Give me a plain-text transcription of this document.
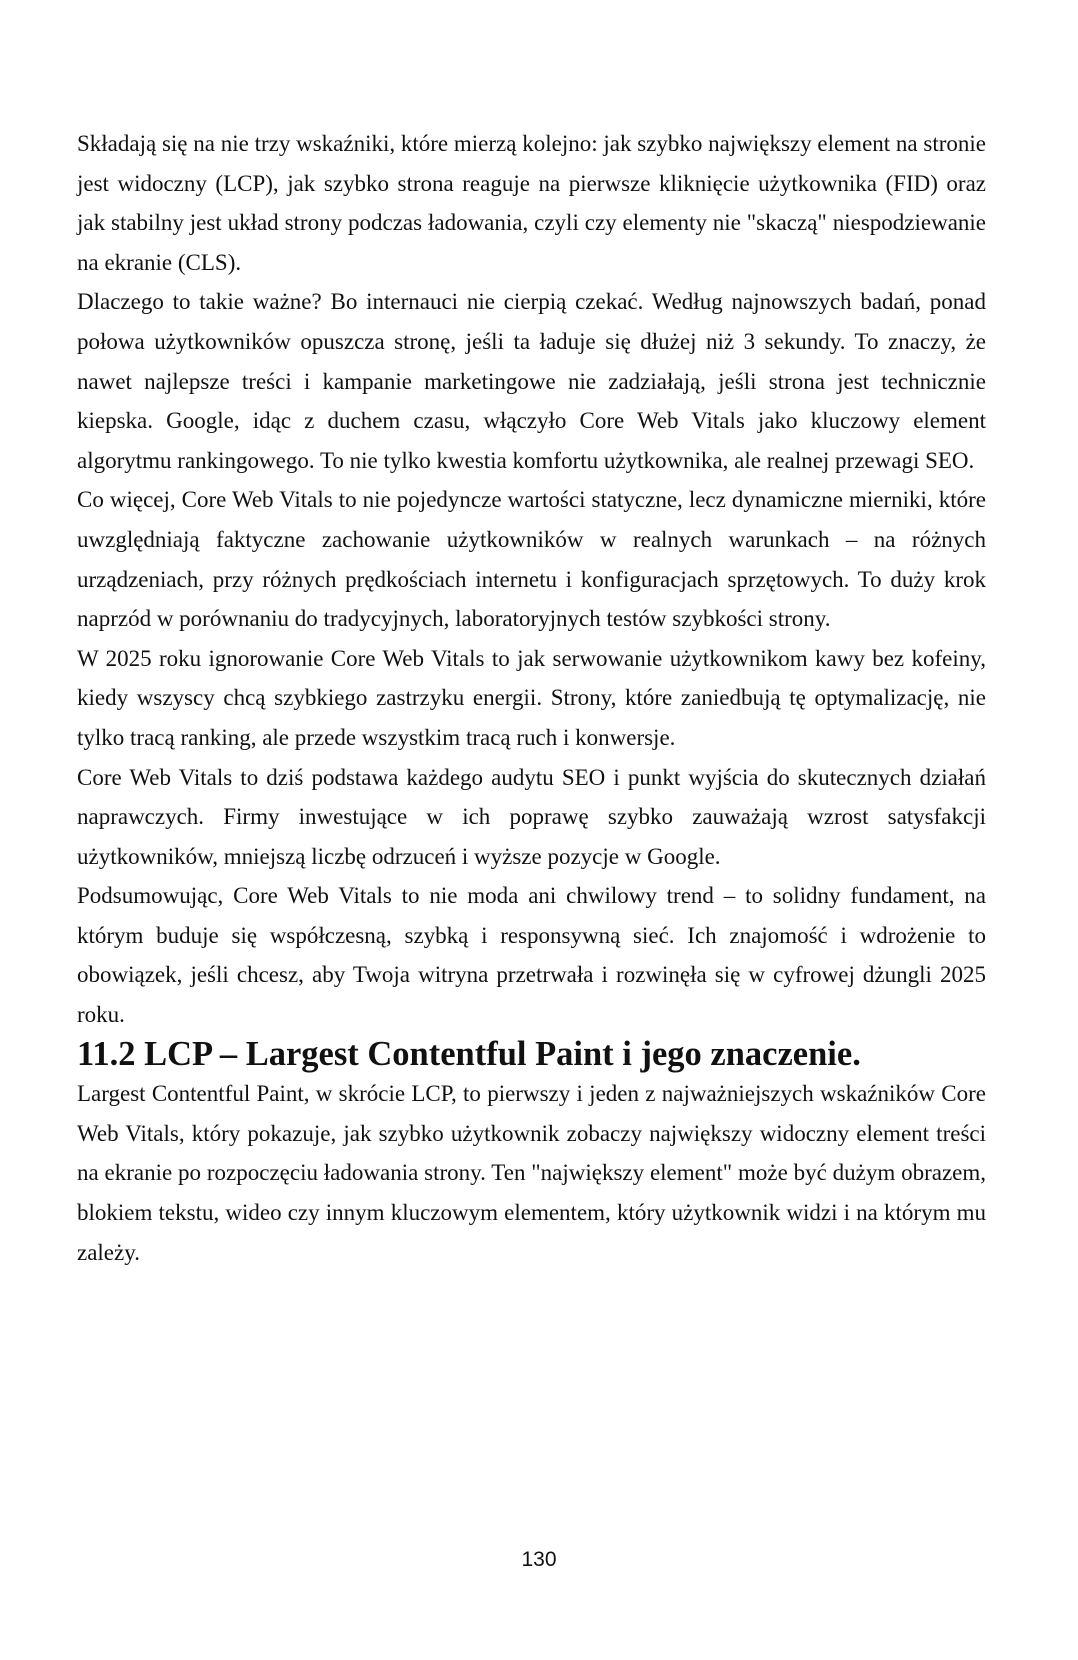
Składają się na nie trzy wskaźniki, które mierzą kolejno: jak szybko największy element na stronie jest widoczny (LCP), jak szybko strona reaguje na pierwsze kliknięcie użytkownika (FID) oraz jak stabilny jest układ strony podczas ładowania, czyli czy elementy nie "skaczą" niespodziewanie na ekranie (CLS).

Dlaczego to takie ważne? Bo internauci nie cierpią czekać. Według najnowszych badań, ponad połowa użytkowników opuszcza stronę, jeśli ta ładuje się dłużej niż 3 sekundy. To znaczy, że nawet najlepsze treści i kampanie marketingowe nie zadziałają, jeśli strona jest technicznie kiepska. Google, idąc z duchem czasu, włączyło Core Web Vitals jako kluczowy element algorytmu rankingowego. To nie tylko kwestia komfortu użytkownika, ale realnej przewagi SEO.

Co więcej, Core Web Vitals to nie pojedyncze wartości statyczne, lecz dynamiczne mierniki, które uwzględniają faktyczne zachowanie użytkowników w realnych warunkach – na różnych urządzeniach, przy różnych prędkościach internetu i konfiguracjach sprzętowych. To duży krok naprzód w porównaniu do tradycyjnych, laboratoryjnych testów szybkości strony.

W 2025 roku ignorowanie Core Web Vitals to jak serwowanie użytkownikom kawy bez kofeiny, kiedy wszyscy chcą szybkiego zastrzyku energii. Strony, które zaniedbują tę optymalizację, nie tylko tracą ranking, ale przede wszystkim tracą ruch i konwersje.

Core Web Vitals to dziś podstawa każdego audytu SEO i punkt wyjścia do skutecznych działań naprawczych. Firmy inwestujące w ich poprawę szybko zauważają wzrost satysfakcji użytkowników, mniejszą liczbę odrzuceń i wyższe pozycje w Google.

Podsumowując, Core Web Vitals to nie moda ani chwilowy trend – to solidny fundament, na którym buduje się współczesną, szybką i responsywną sieć. Ich znajomość i wdrożenie to obowiązek, jeśli chcesz, aby Twoja witryna przetrwała i rozwinęła się w cyfrowej dżungli 2025 roku.

11.2 LCP – Largest Contentful Paint i jego znaczenie.

Largest Contentful Paint, w skrócie LCP, to pierwszy i jeden z najważniejszych wskaźników Core Web Vitals, który pokazuje, jak szybko użytkownik zobaczy największy widoczny element treści na ekranie po rozpoczęciu ładowania strony. Ten "największy element" może być dużym obrazem, blokiem tekstu, wideo czy innym kluczowym elementem, który użytkownik widzi i na którym mu zależy.

130
